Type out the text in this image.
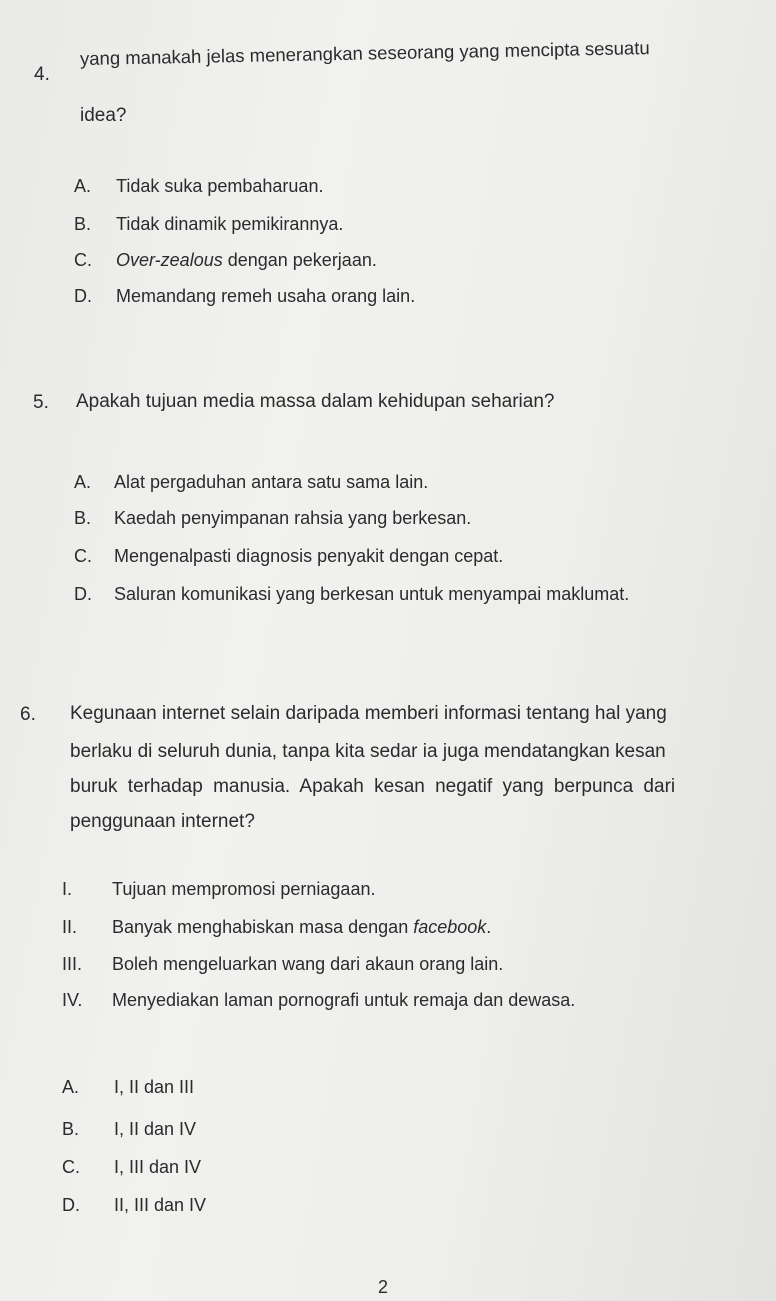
4.
yang manakah jelas menerangkan seseorang yang mencipta sesuatu
idea?
A. Tidak suka pembaharuan.
B. Tidak dinamik pemikirannya.
C. Over-zealous dengan pekerjaan.
D. Memandang remeh usaha orang lain.
5. Apakah tujuan media massa dalam kehidupan seharian?
A. Alat pergaduhan antara satu sama lain.
B. Kaedah penyimpanan rahsia yang berkesan.
C. Mengenalpasti diagnosis penyakit dengan cepat.
D. Saluran komunikasi yang berkesan untuk menyampai maklumat.
6. Kegunaan internet selain daripada memberi informasi tentang hal yang
berlaku di seluruh dunia, tanpa kita sedar ia juga mendatangkan kesan
buruk terhadap manusia. Apakah kesan negatif yang berpunca dari
penggunaan internet?
I. Tujuan mempromosi perniagaan.
II. Banyak menghabiskan masa dengan facebook.
III. Boleh mengeluarkan wang dari akaun orang lain.
IV. Menyediakan laman pornografi untuk remaja dan dewasa.
A. I, II dan III
B. I, II dan IV
C. I, III dan IV
D. II, III dan IV
2
